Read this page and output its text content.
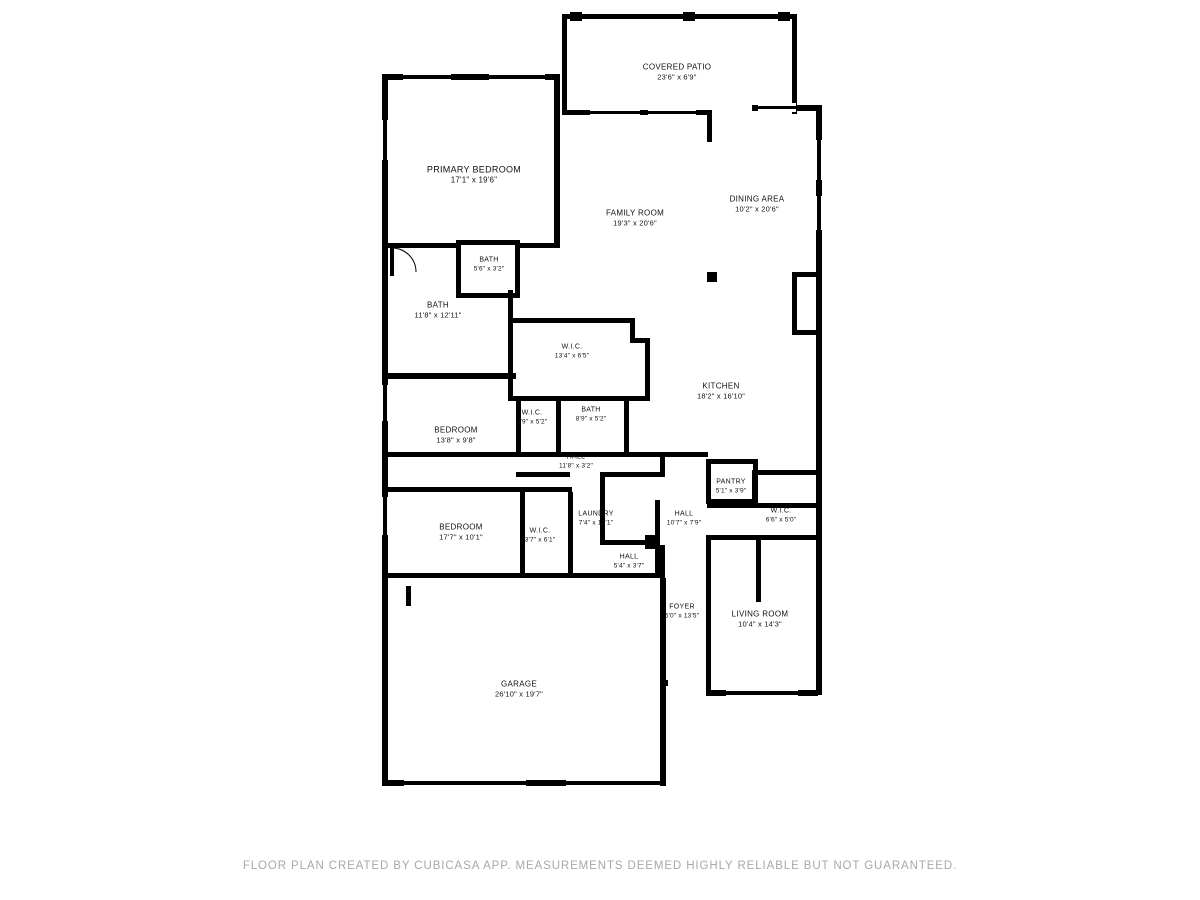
COVERED PATIO
23'6" x 6'9"
PRIMARY BEDROOM
17'1" x 19'6"
FAMILY ROOM
19'3" x 20'6"
DINING AREA
10'2" x 20'6"
BATH
5'6" x 3'2"
BATH
11'8" x 12'11"
W.I.C.
13'4" x 6'5"
KITCHEN
18'2" x 16'10"
W.I.C.
3'9" x 5'2"
BATH
8'9" x 5'2"
BEDROOM
13'8" x 9'8"
HALL
11'8" x 3'2"
PANTRY
5'1" x 3'9"
W.I.C.
6'6" x 5'0"
LAUNDRY
7'4" x 10'1"
HALL
10'7" x 7'9"
BEDROOM
17'7" x 10'1"
W.I.C.
3'7" x 6'1"
HALL
5'4" x 3'7"
FOYER
5'0" x 13'5"	LIVING ROOM
10'4" x 14'3"
GARAGE
26'10" x 19'7"
FLOOR PLAN CREATED BY CUBICASA APP. MEASUREMENTS DEEMED HIGHLY RELIABLE BUT NOT GUARANTEED.
